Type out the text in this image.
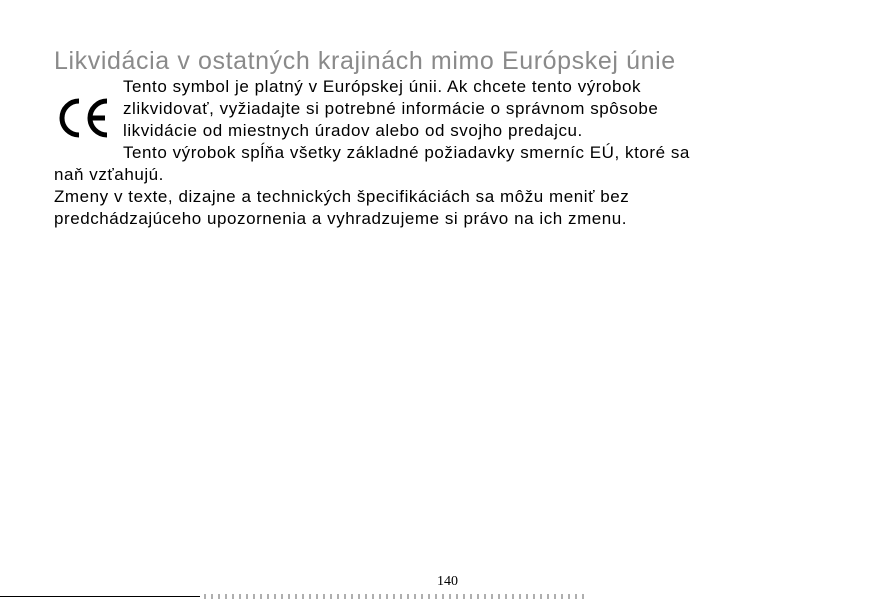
Likvidácia v ostatných krajinách mimo Európskej únie
Tento symbol je platný v Európskej únii. Ak chcete tento výrobok
zlikvidovať, vyžiadajte si potrebné informácie o správnom spôsobe
likvidácie od miestnych úradov alebo od svojho predajcu.
Tento výrobok spĺňa všetky základné požiadavky smerníc EÚ, ktoré sa
naň vzťahujú.
Zmeny v texte, dizajne a technických špecifikáciách sa môžu meniť bez
predchádzajúceho upozornenia a vyhradzujeme si právo na ich zmenu.
140
